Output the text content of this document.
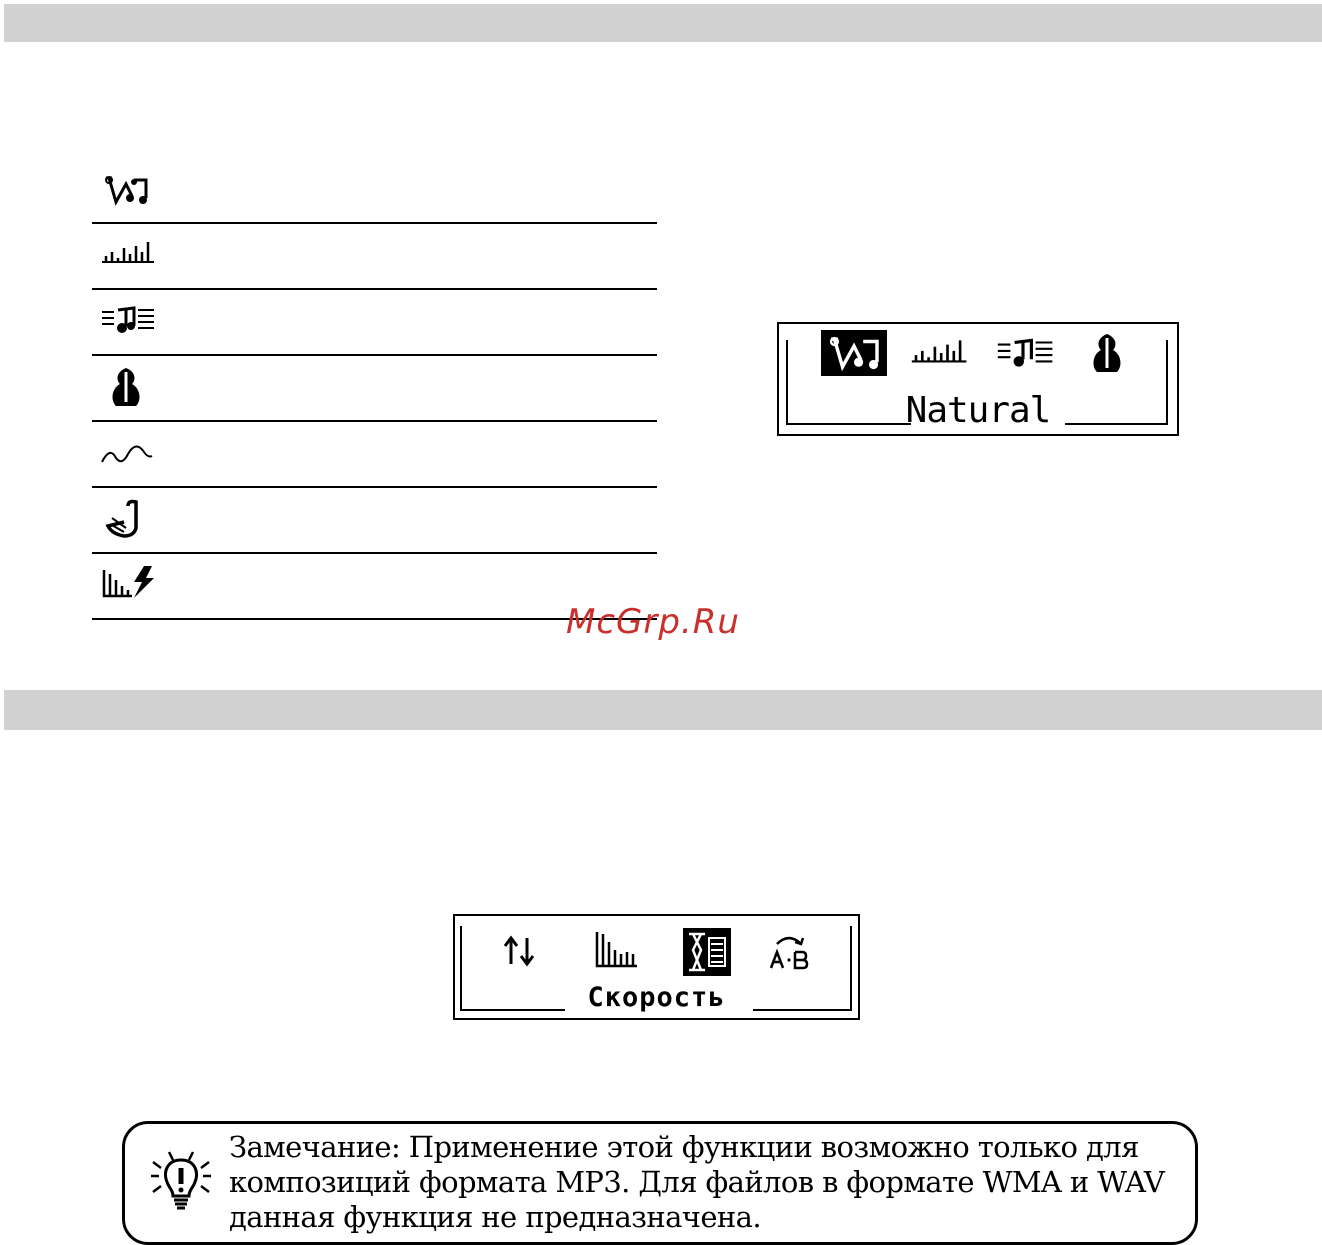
Natural
McGrp.Ru
Скорость
Замечание: Применение этой функции возможно только для
композиций формата MP3. Для файлов в формате WMA и WAV
данная функция не предназначена.
